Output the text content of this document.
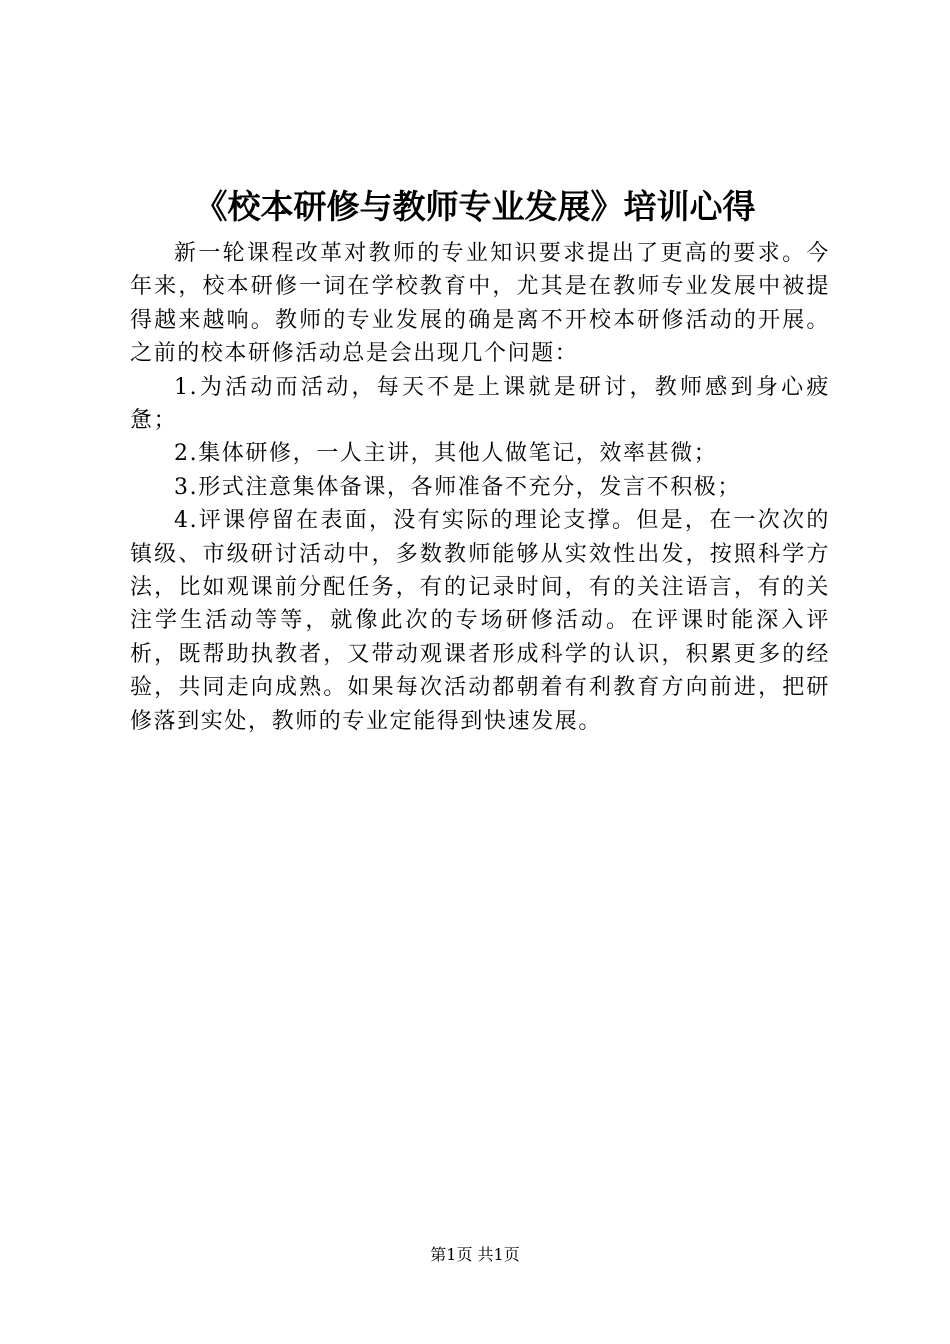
《校本研修与教师专业发展》培训心得

新一轮课程改革对教师的专业知识要求提出了更高的要求。今年来，校本研修一词在学校教育中，尤其是在教师专业发展中被提得越来越响。教师的专业发展的确是离不开校本研修活动的开展。之前的校本研修活动总是会出现几个问题：

1.为活动而活动，每天不是上课就是研讨，教师感到身心疲惫；

2.集体研修，一人主讲，其他人做笔记，效率甚微；

3.形式注意集体备课，各师准备不充分，发言不积极；

4.评课停留在表面，没有实际的理论支撑。但是，在一次次的镇级、市级研讨活动中，多数教师能够从实效性出发，按照科学方法，比如观课前分配任务，有的记录时间，有的关注语言，有的关注学生活动等等，就像此次的专场研修活动。在评课时能深入评析，既帮助执教者，又带动观课者形成科学的认识，积累更多的经验，共同走向成熟。如果每次活动都朝着有利教育方向前进，把研修落到实处，教师的专业定能得到快速发展。

第1页 共1页
